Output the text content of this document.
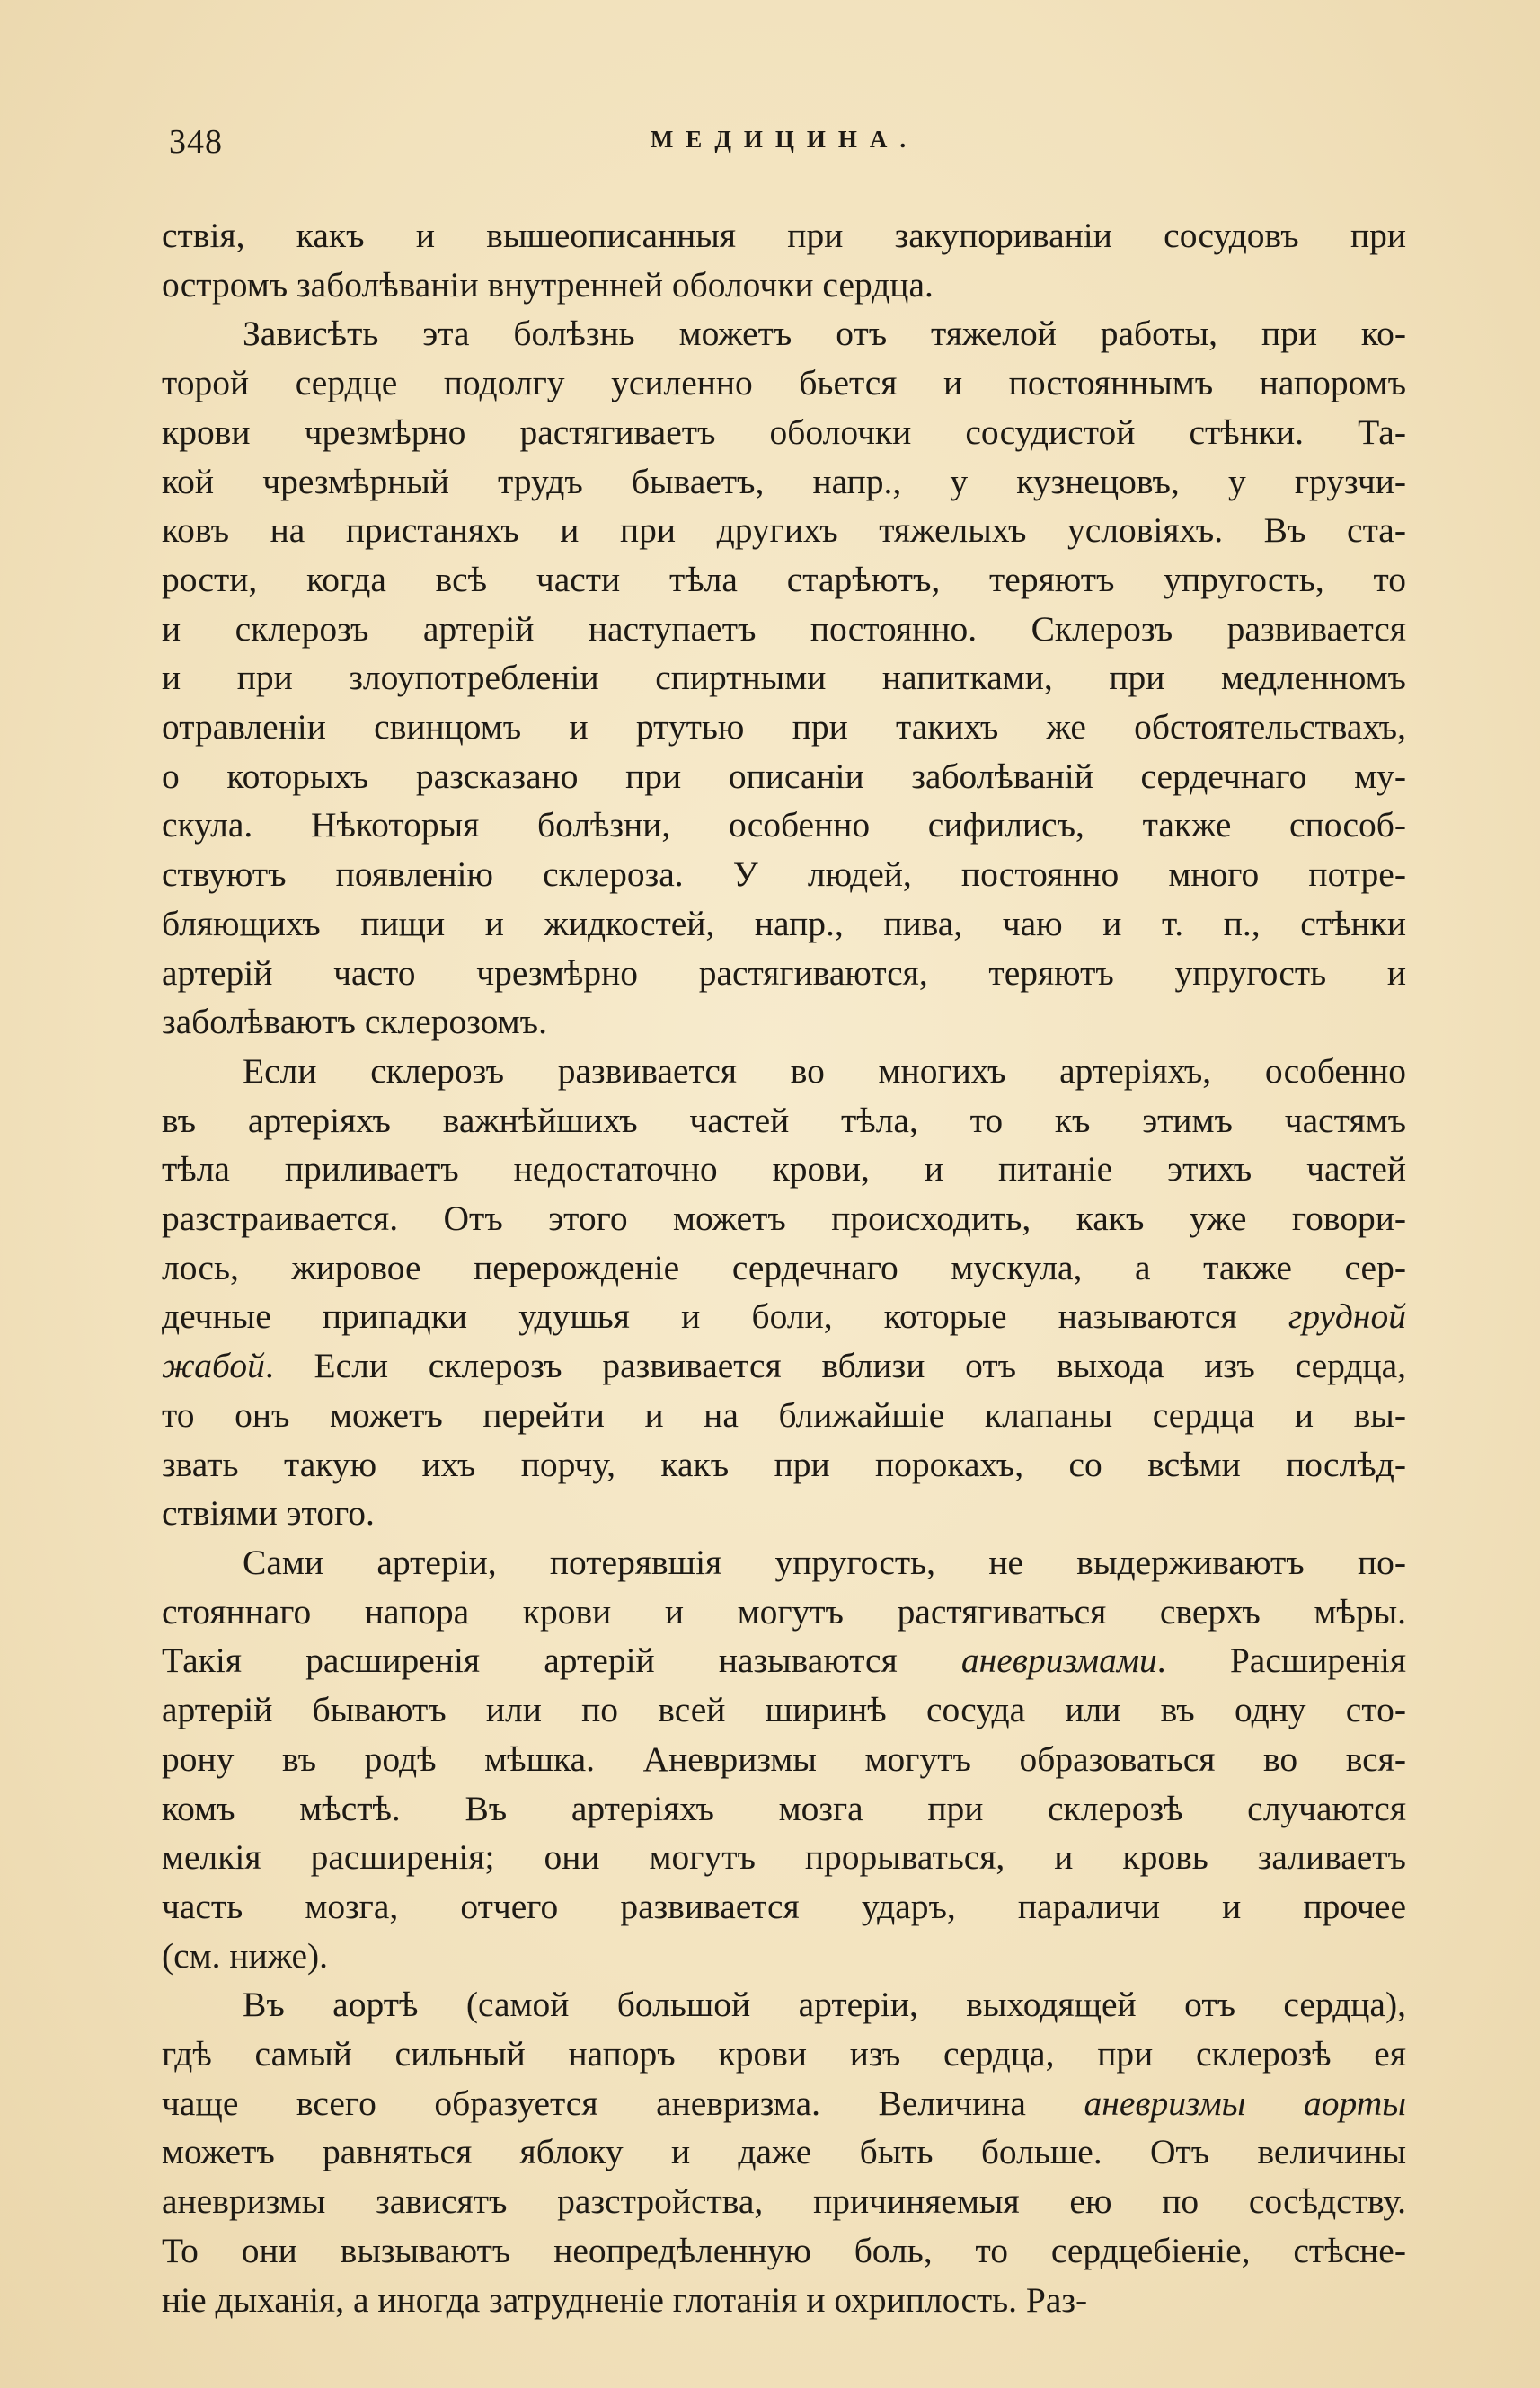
348	МЕДИЦИНА.

ствія, какъ и вышеописанныя при закупориваніи сосудовъ при
остромъ заболѣваніи внутренней оболочки сердца.

Зависѣть эта болѣзнь можетъ отъ тяжелой работы, при ко-
торой сердце подолгу усиленно бьется и постояннымъ напоромъ
крови чрезмѣрно растягиваетъ оболочки сосудистой стѣнки. Та-
кой чрезмѣрный трудъ бываетъ, напр., у кузнецовъ, у грузчи-
ковъ на пристаняхъ и при другихъ тяжелыхъ условіяхъ. Въ ста-
рости, когда всѣ части тѣла старѣютъ, теряютъ упругость, то
и склерозъ артерій наступаетъ постоянно. Склерозъ развивается
и при злоупотребленіи спиртными напитками, при медленномъ
отравленіи свинцомъ и ртутью при такихъ же обстоятельствахъ,
о которыхъ разсказано при описаніи заболѣваній сердечнаго му-
скула. Нѣкоторыя болѣзни, особенно сифилисъ, также способ-
ствуютъ появленію склероза. У людей, постоянно много потре-
бляющихъ пищи и жидкостей, напр., пива, чаю и т. п., стѣнки
артерій часто чрезмѣрно растягиваются, теряютъ упругость и
заболѣваютъ склерозомъ.

Если склерозъ развивается во многихъ артеріяхъ, особенно
въ артеріяхъ важнѣйшихъ частей тѣла, то къ этимъ частямъ
тѣла приливаетъ недостаточно крови, и питаніе этихъ частей
разстраивается. Отъ этого можетъ происходить, какъ уже говори-
лось, жировое перерожденіе сердечнаго мускула, а также сер-
дечные припадки удушья и боли, которые называются грудной
жабой. Если склерозъ развивается вблизи отъ выхода изъ сердца,
то онъ можетъ перейти и на ближайшіе клапаны сердца и вы-
звать такую ихъ порчу, какъ при порокахъ, со всѣми послѣд-
ствіями этого.

Сами артеріи, потерявшія упругость, не выдерживаютъ по-
стояннаго напора крови и могутъ растягиваться сверхъ мѣры.
Такія расширенія артерій называются аневризмами. Расширенія
артерій бываютъ или по всей ширинѣ сосуда или въ одну сто-
рону въ родѣ мѣшка. Аневризмы могутъ образоваться во вся-
комъ мѣстѣ. Въ артеріяхъ мозга при склерозѣ случаются
мелкія расширенія; они могутъ прорываться, и кровь заливаетъ
часть мозга, отчего развивается ударъ, параличи и прочее
(см. ниже).

Въ аортѣ (самой большой артеріи, выходящей отъ сердца),
гдѣ самый сильный напоръ крови изъ сердца, при склерозѣ ея
чаще всего образуется аневризма. Величина аневризмы аорты
можетъ равняться яблоку и даже быть больше. Отъ величины
аневризмы зависятъ разстройства, причиняемыя ею по сосѣдству.
То они вызываютъ неопредѣленную боль, то сердцебіеніе, стѣсне-
ніе дыханія, а иногда затрудненіе глотанія и охриплость. Раз-
